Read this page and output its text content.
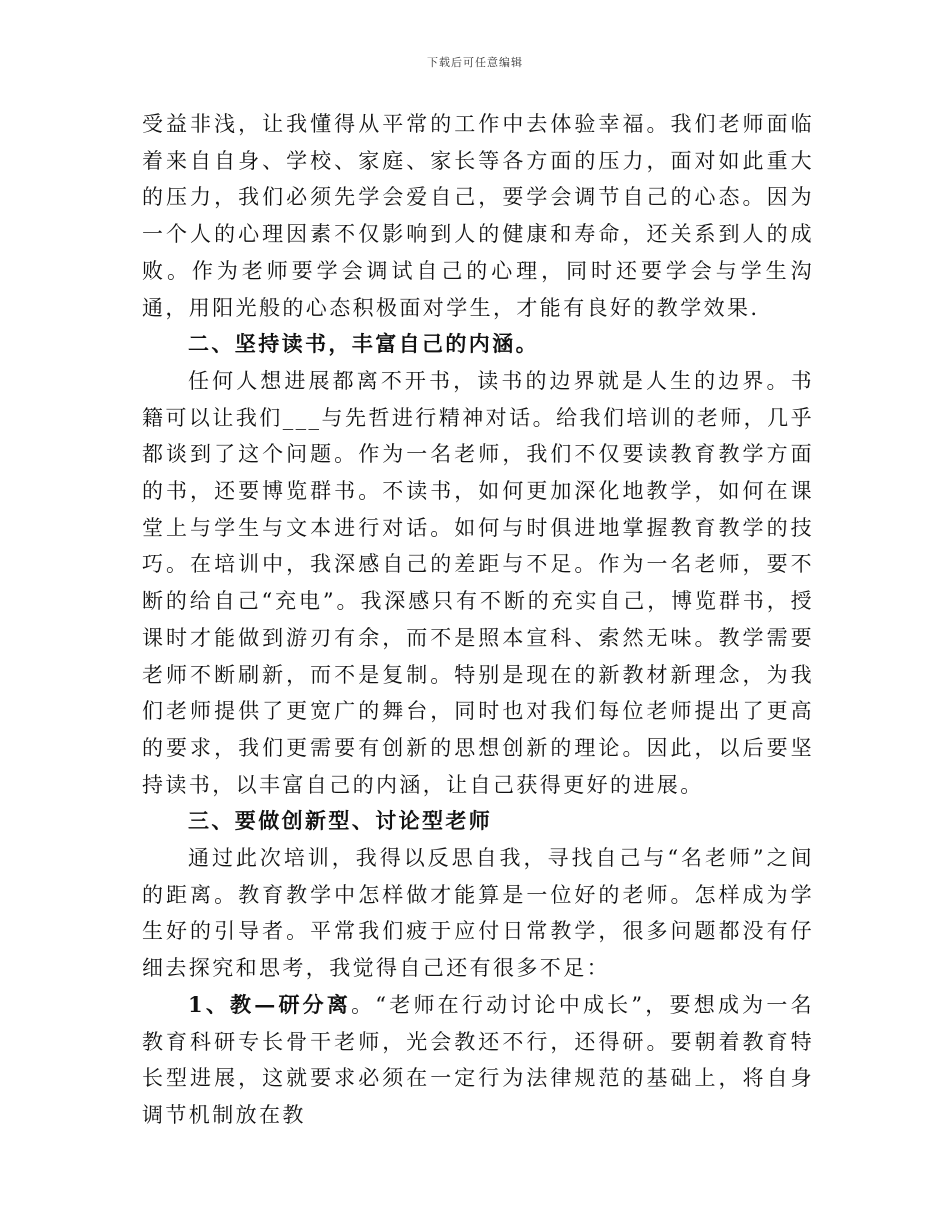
下载后可任意编辑

受益非浅，让我懂得从平常的工作中去体验幸福。我们老师面临着来自自身、学校、家庭、家长等各方面的压力，面对如此重大的压力，我们必须先学会爱自己，要学会调节自己的心态。因为一个人的心理因素不仅影响到人的健康和寿命，还关系到人的成败。作为老师要学会调试自己的心理，同时还要学会与学生沟通，用阳光般的心态积极面对学生，才能有良好的教学效果.

二、坚持读书，丰富自己的内涵。

任何人想进展都离不开书，读书的边界就是人生的边界。书籍可以让我们___与先哲进行精神对话。给我们培训的老师，几乎都谈到了这个问题。作为一名老师，我们不仅要读教育教学方面的书，还要博览群书。不读书，如何更加深化地教学，如何在课堂上与学生与文本进行对话。如何与时俱进地掌握教育教学的技巧。在培训中，我深感自己的差距与不足。作为一名老师，要不断的给自己“充电”。我深感只有不断的充实自己，博览群书，授课时才能做到游刃有余，而不是照本宣科、索然无味。教学需要老师不断刷新，而不是复制。特别是现在的新教材新理念，为我们老师提供了更宽广的舞台，同时也对我们每位老师提出了更高的要求，我们更需要有创新的思想创新的理论。因此，以后要坚持读书，以丰富自己的内涵，让自己获得更好的进展。

三、要做创新型、讨论型老师

通过此次培训，我得以反思自我，寻找自己与“名老师”之间的距离。教育教学中怎样做才能算是一位好的老师。怎样成为学生好的引导者。平常我们疲于应付日常教学，很多问题都没有仔细去探究和思考，我觉得自己还有很多不足：

1、教—研分离。“老师在行动讨论中成长”，要想成为一名教育科研专长骨干老师，光会教还不行，还得研。要朝着教育特长型进展，这就要求必须在一定行为法律规范的基础上，将自身调节机制放在教
